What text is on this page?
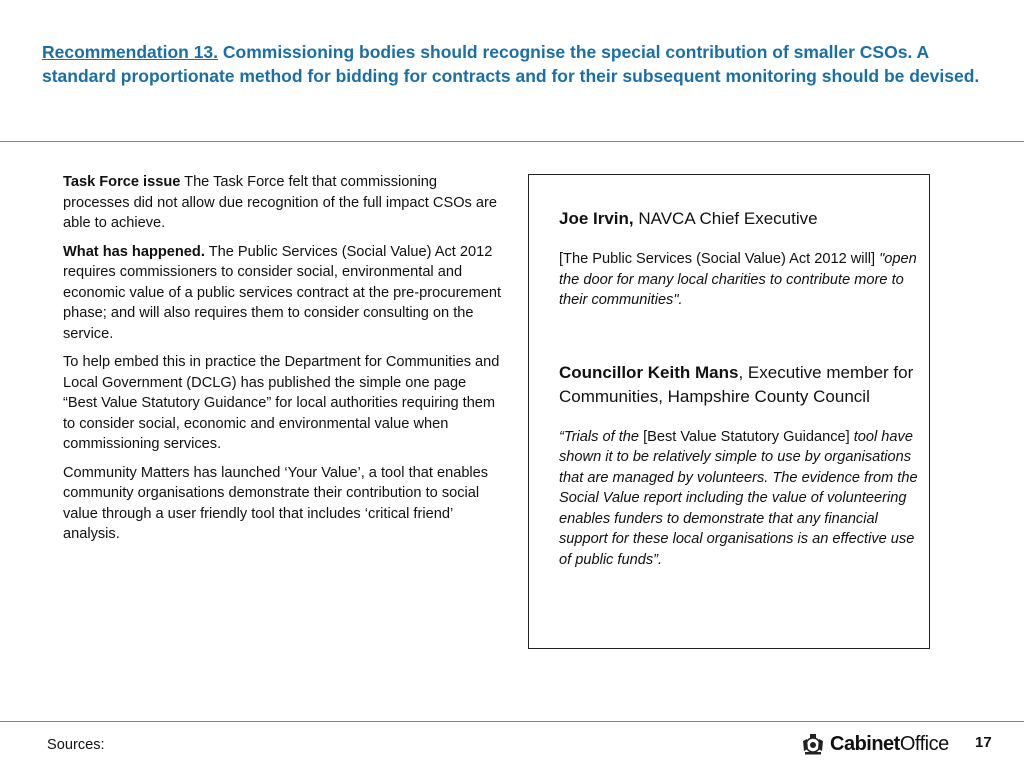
Recommendation 13. Commissioning bodies should recognise the special contribution of smaller CSOs. A standard proportionate method for bidding for contracts and for their subsequent monitoring should be devised.

Task Force issue The Task Force felt that commissioning processes did not allow due recognition of the full impact CSOs are able to achieve.

What has happened. The Public Services (Social Value) Act 2012 requires commissioners to consider social, environmental and economic value of a public services contract at the pre-procurement phase; and will also requires them to consider consulting on the service.

To help embed this in practice the Department for Communities and Local Government (DCLG) has published the simple one page “Best Value Statutory Guidance” for local authorities requiring them to consider social, economic and environmental value when commissioning services.

Community Matters has launched ‘Your Value’, a tool that enables community organisations demonstrate their contribution to social value through a user friendly tool that includes ‘critical friend’ analysis.

Joe Irvin, NAVCA Chief Executive

[The Public Services (Social Value) Act 2012 will] "open the door for many local charities to contribute more to their communities".

Councillor Keith Mans, Executive member for Communities, Hampshire County Council

“Trials of the [Best Value Statutory Guidance] tool have shown it to be relatively simple to use by organisations that are managed by volunteers. The evidence from the Social Value report including the value of volunteering enables funders to demonstrate that any financial support for these local organisations is an effective use of public funds”.

Sources:	CabinetOffice 17
